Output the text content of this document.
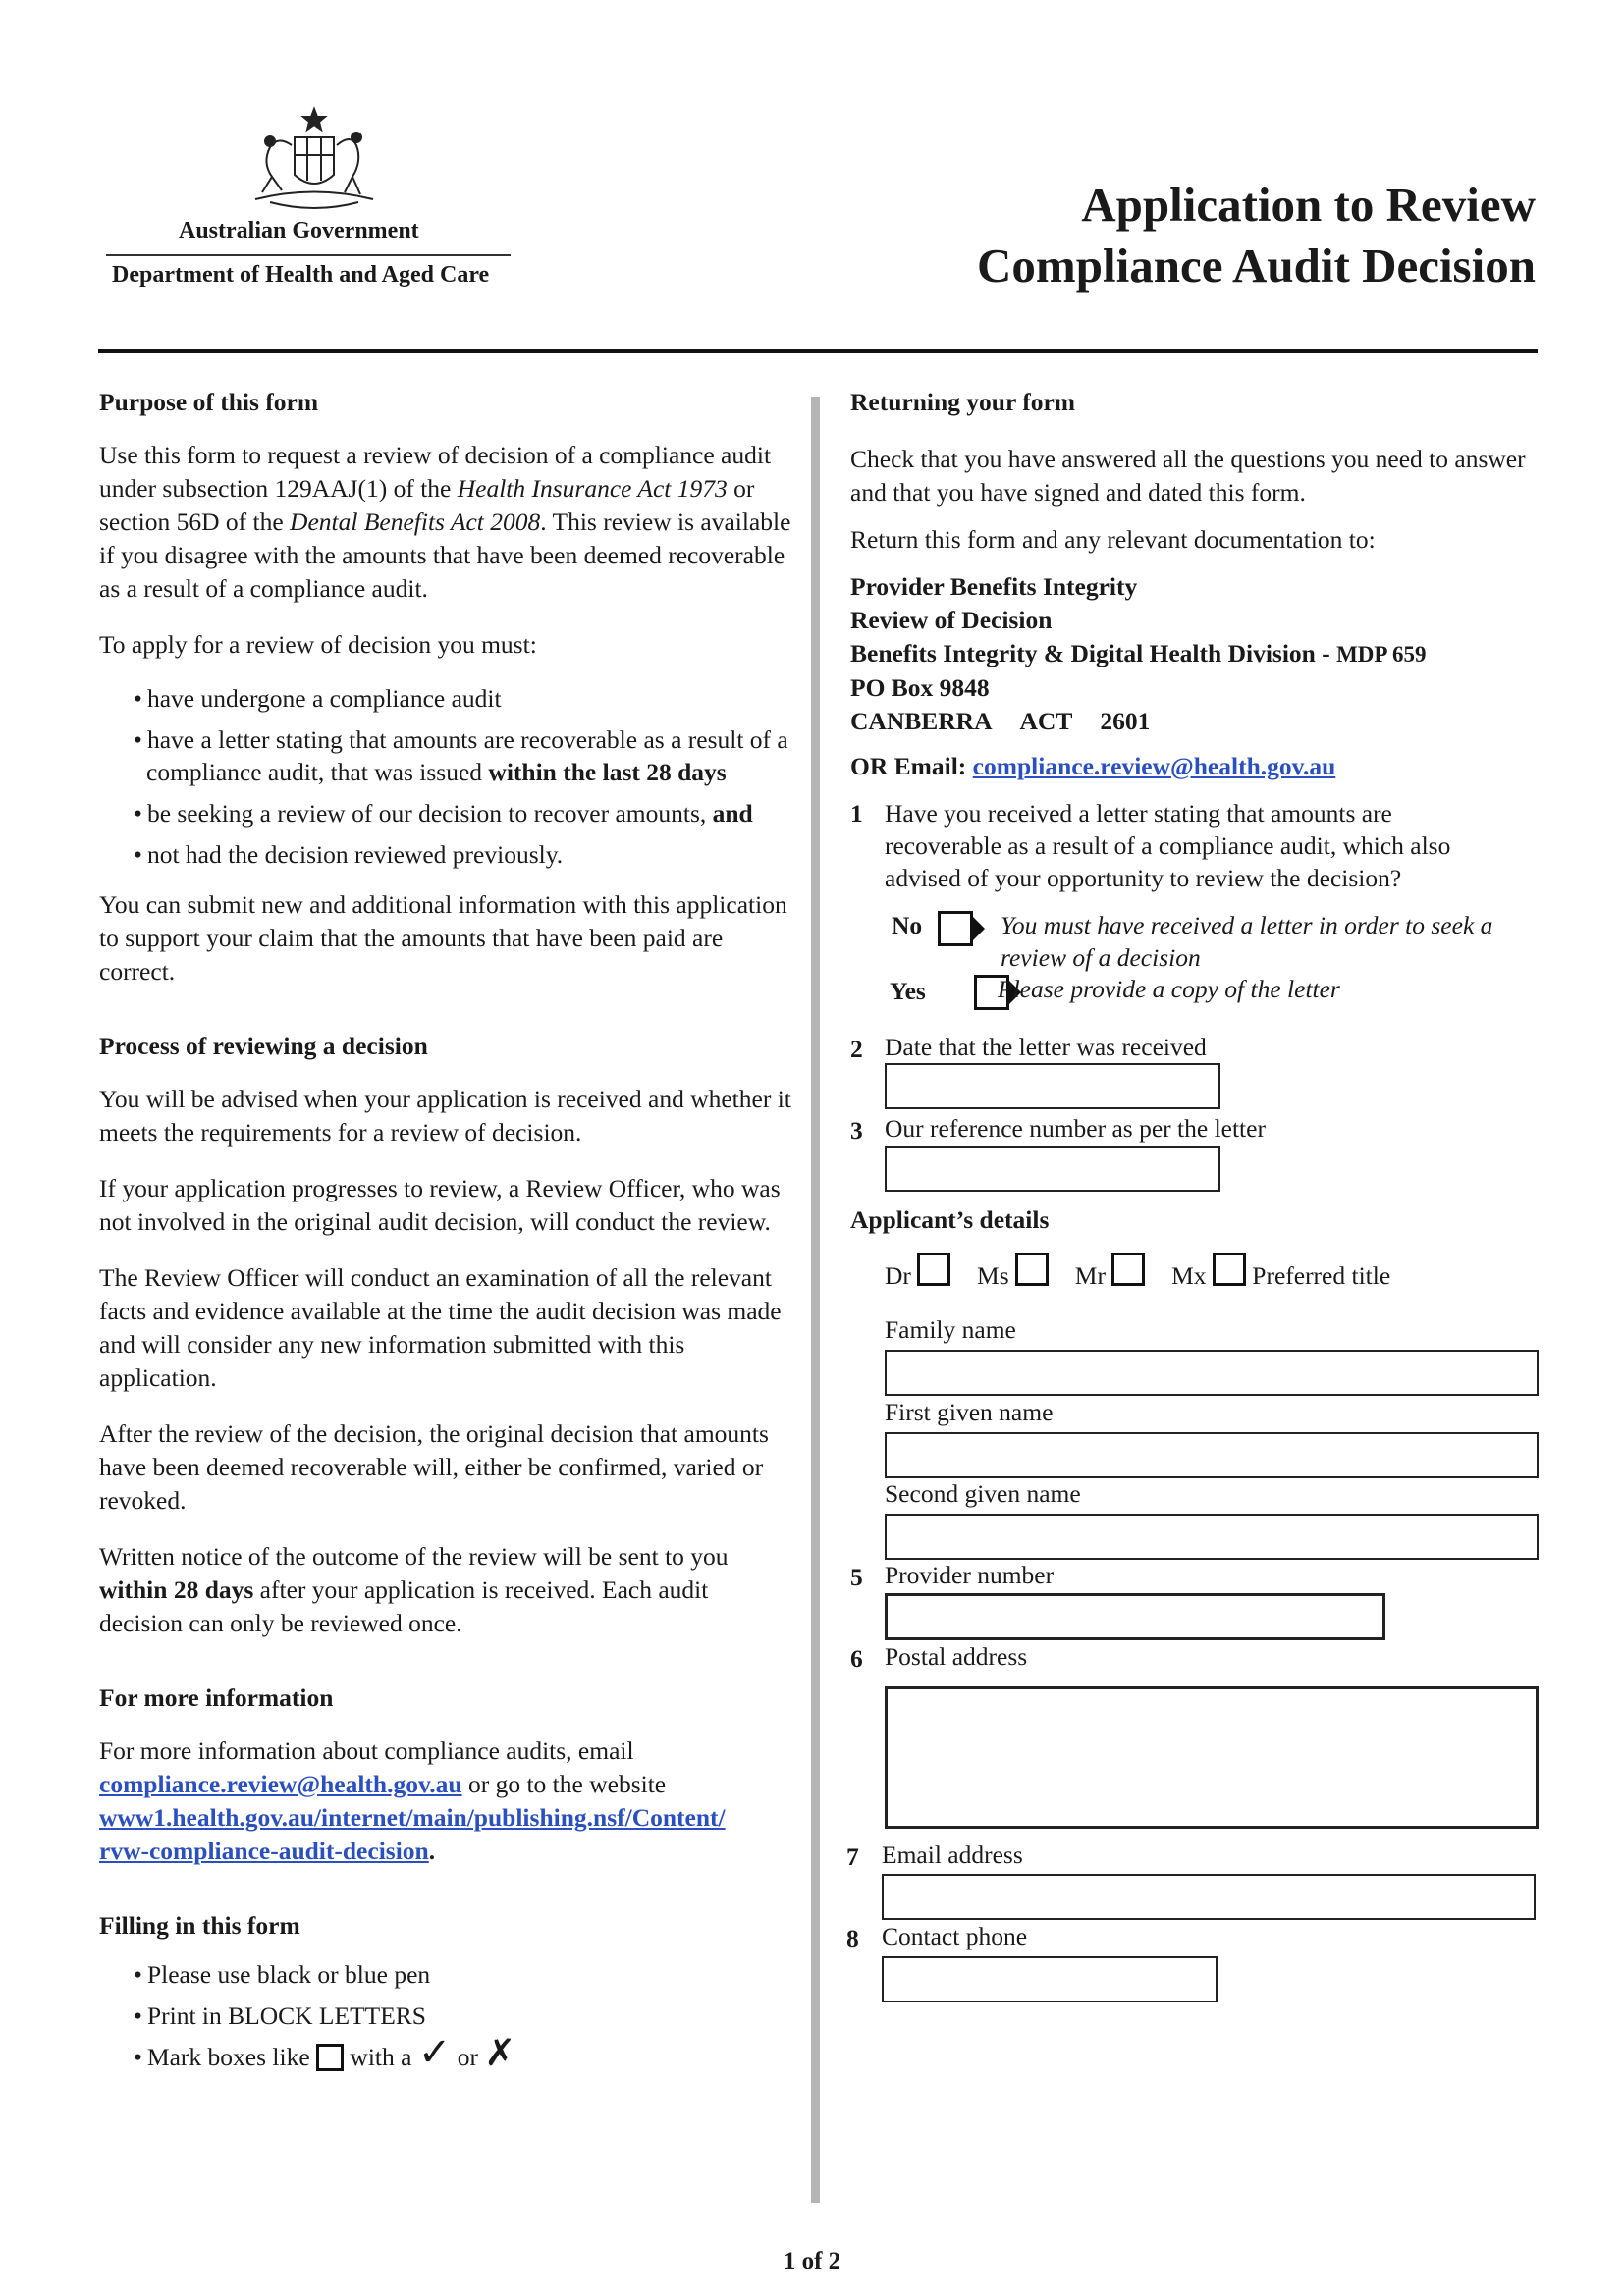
Australian Government
Department of Health and Aged Care
Application to Review
Compliance Audit Decision
Purpose of this form

Use this form to request a review of decision of a compliance audit under subsection 129AAJ(1) of the Health Insurance Act 1973 or section 56D of the Dental Benefits Act 2008. This review is available if you disagree with the amounts that have been deemed recoverable as a result of a compliance audit.

To apply for a review of decision you must:

• have undergone a compliance audit
• have a letter stating that amounts are recoverable as a result of a compliance audit, that was issued within the last 28 days
• be seeking a review of our decision to recover amounts, and
• not had the decision reviewed previously.

You can submit new and additional information with this application to support your claim that the amounts that have been paid are correct.

Process of reviewing a decision

You will be advised when your application is received and whether it meets the requirements for a review of decision.

If your application progresses to review, a Review Officer, who was not involved in the original audit decision, will conduct the review.

The Review Officer will conduct an examination of all the relevant facts and evidence available at the time the audit decision was made and will consider any new information submitted with this application.

After the review of the decision, the original decision that amounts have been deemed recoverable will, either be confirmed, varied or revoked.

Written notice of the outcome of the review will be sent to you within 28 days after your application is received. Each audit decision can only be reviewed once.

For more information

For more information about compliance audits, email compliance.review@health.gov.au or go to the website www1.health.gov.au/internet/main/publishing.nsf/Content/
rvw-compliance-audit-decision.

Filling in this form
• Please use black or blue pen
• Print in BLOCK LETTERS
• Mark boxes like  with a ✓ or ✗
Returning your form

Check that you have answered all the questions you need to answer and that you have signed and dated this form.

Return this form and any relevant documentation to:

Provider Benefits Integrity
Review of Decision
Benefits Integrity & Digital Health Division - MDP 659
PO Box 9848
CANBERRA ACT 2601
OR Email: compliance.review@health.gov.au
1 Have you received a letter stating that amounts are recoverable as a result of a compliance audit, which also advised of your opportunity to review the decision?

No
	You must have received a letter in order to seek a review of a decision
Yes	Please provide a copy of the letter
2 Date that the letter was received
3 Our reference number as per the letter
Applicant’s details
Dr	Ms	Mr	Mx Preferred title
Family name
First given name
Second given name
5 Provider number
6 Postal address
7 Email address
8 Contact phone
1 of 2
